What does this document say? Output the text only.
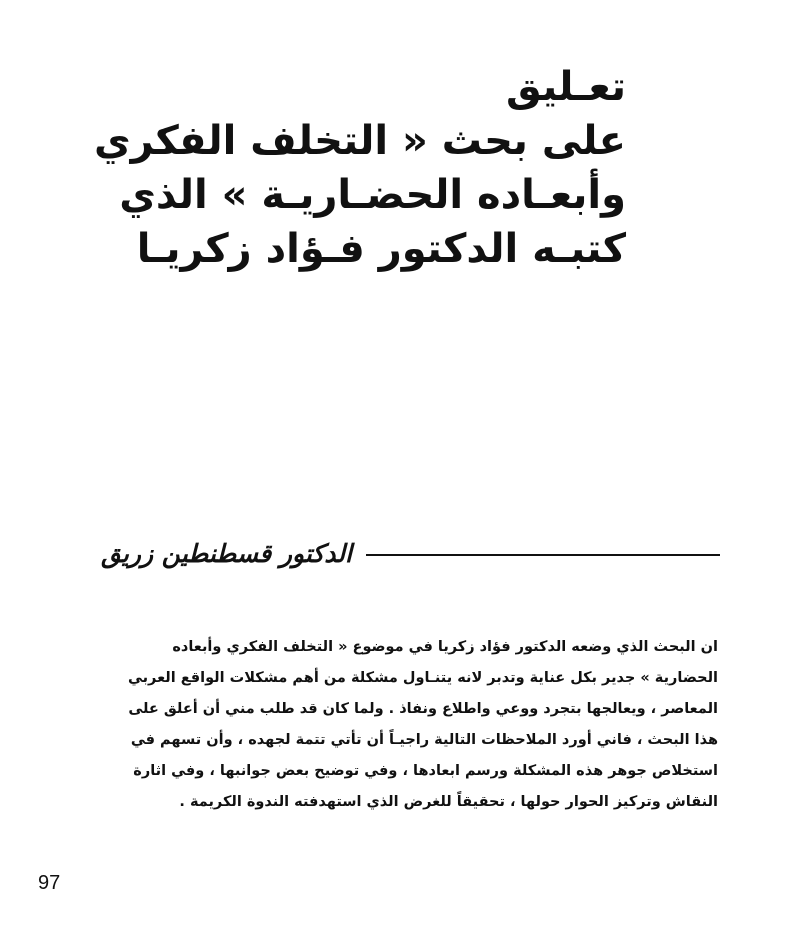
تعـليق
على بحث « التخلف الفكري
وأبعـاده الحضـاريـة » الذي
كتبـه الدكتور فـؤاد زكريـا
الدكتور قسطنطين زريق

ان البحث الذي وضعه الدكتور فؤاد زكريا في موضوع « التخلف الفكري وأبعاده
الحضارية » جدير بكل عناية وتدبر لانه يتنـاول مشكلة من أهم مشكلات الواقع العربي
المعاصر ، ويعالجها بتجرد ووعي واطلاع ونفاذ . ولما كان قد طلب مني أن أعلق على
هذا البحث ، فاني أورد الملاحظات التالية راجيـاً أن تأتي تتمة لجهده ، وأن تسهم في
استخلاص جوهر هذه المشكلة ورسم ابعادها ، وفي توضيح بعض جوانبها ، وفي اثارة
النقاش وتركيز الحوار حولها ، تحقيقاً للغرض الذي استهدفته الندوة الكريمة .

97
